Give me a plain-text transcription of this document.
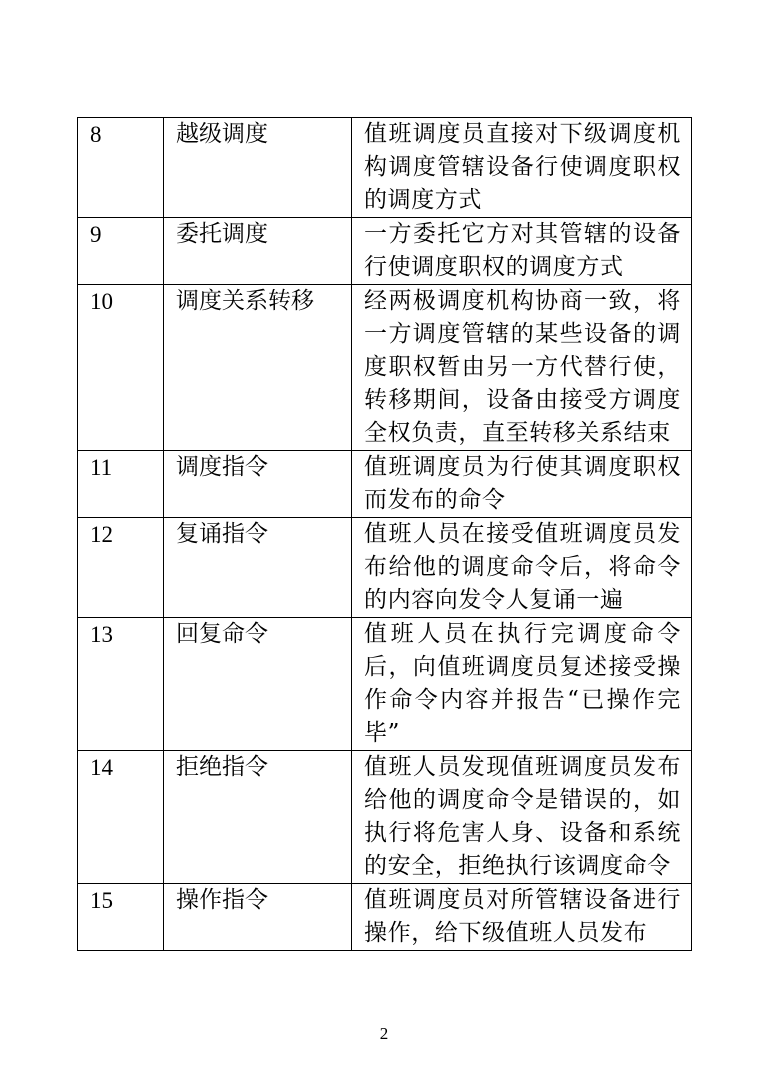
8	越级调度	值班调度员直接对下级调度机构调度管辖设备行使调度职权的调度方式
9	委托调度	一方委托它方对其管辖的设备行使调度职权的调度方式
10	调度关系转移	经两极调度机构协商一致，将一方调度管辖的某些设备的调度职权暂由另一方代替行使，转移期间，设备由接受方调度全权负责，直至转移关系结束
11	调度指令	值班调度员为行使其调度职权而发布的命令
12	复诵指令	值班人员在接受值班调度员发布给他的调度命令后，将命令的内容向发令人复诵一遍
13	回复命令	值班人员在执行完调度命令后，向值班调度员复述接受操作命令内容并报告“已操作完毕”
14	拒绝指令	值班人员发现值班调度员发布给他的调度命令是错误的，如执行将危害人身、设备和系统的安全，拒绝执行该调度命令
15	操作指令	值班调度员对所管辖设备进行操作，给下级值班人员发布
2
